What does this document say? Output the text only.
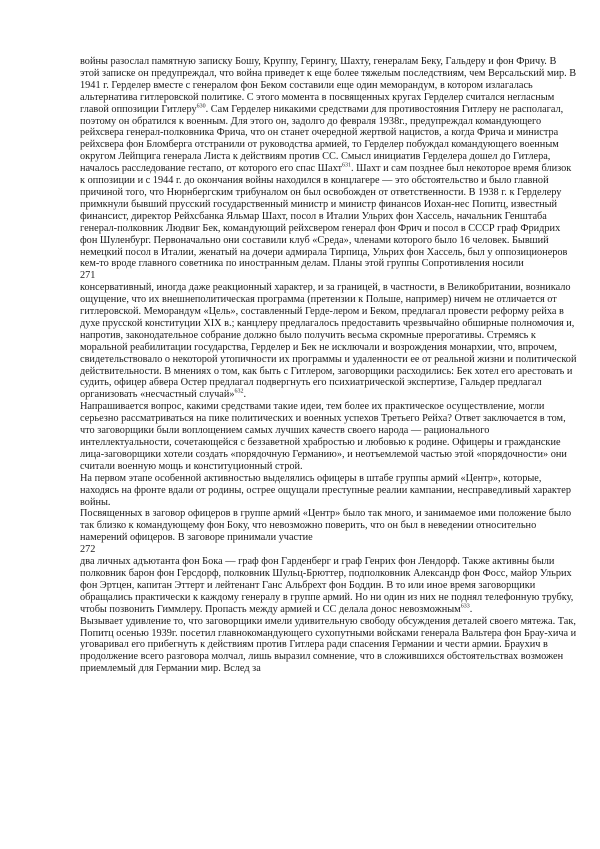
войны разослал памятную записку Бошу, Круппу, Герингу, Шахту, генералам Беку, Гальдеру и фон Фричу. В этой записке он предупреждал, что война приведет к еще более тяжелым последствиям, чем Версальский мир. В 1941 г. Герделер вместе с генералом фон Беком составили еще один меморандум, в котором излагалась альтернатива гитлеровской политике. С этого момента в посвященных кругах Герделер считался негласным главой оппозиции Гитлеру$^{630}$. Сам Герделер никакими средствами для противостояния Гитлеру не располагал, поэтому он обратился к военным. Для этого он, задолго до февраля 1938г., предупреждал командующего рейхсвера генерал-полковника Фрича, что он станет очередной жертвой нацистов, а когда Фрича и министра рейхсвера фон Бломберга отстранили от руководства армией, то Герделер побуждал командующего военным округом Лейпцига генерала Листа к действиям против СС. Смысл инициатив Герделера дошел до Гитлера, началось расследование гестапо, от которого его спас Шахт$^{631}$. Шахт и сам позднее был некоторое время близок к оппозиции и с 1944 г. до окончания войны находился в концлагере — это обстоятельство и было главной причиной того, что Нюрнбергским трибуналом он был освобожден от ответственности. В 1938 г. к Герделеру примкнули бывший прусский государственный министр и министр финансов Иохан-нес Попитц, известный финансист, директор Рейхсбанка Яльмар Шахт, посол в Италии Ульрих фон Хассель, начальник Генштаба генерал-полковник Людвиг Бек, командующий рейхсвером генерал фон Фрич и посол в СССР граф Фридрих фон Шуленбург. Первоначально они составили клуб «Среда», членами которого было 16 человек. Бывший немецкий посол в Италии, женатый на дочери адмирала Тирпица, Ульрих фон Хассель, был у оппозиционеров кем-то вроде главного советника по иностранным делам. Планы этой группы Сопротивления носили

271

консервативный, иногда даже реакционный характер, и за границей, в частности, в Великобритании, возникало ощущение, что их внешнеполитическая программа (претензии к Польше, например) ничем не отличается от гитлеровской. Меморандум «Цель», составленный Герде-лером и Беком, предлагал провести реформу рейха в духе прусской конституции XIX в.; канцлеру предлагалось предоставить чрезвычайно обширные полномочия и, напротив, законодательное собрание должно было получить весьма скромные прерогативы. Стремясь к моральной реабилитации государства, Герделер и Бек не исключали и возрождения монархии, что, впрочем, свидетельствовало о некоторой утопичности их программы и удаленности ее от реальной жизни и политической действительности. В мнениях о том, как быть с Гитлером, заговорщики расходились: Бек хотел его арестовать и судить, офицер абвера Остер предлагал подвергнуть его психиатрической экспертизе, Гальдер предлагал организовать «несчастный случай»$^{632}$.

Напрашивается вопрос, какими средствами такие идеи, тем более их практическое осуществление, могли серьезно рассматриваться на пике политических и военных успехов Третьего Рейха? Ответ заключается в том, что заговорщики были воплощением самых лучших качеств своего народа — рационального интеллектуальности, сочетающейся с беззаветной храбростью и любовью к родине. Офицеры и гражданские лица-заговорщики хотели создать «порядочную Германию», и неотъемлемой частью этой «порядочности» они считали военную мощь и конституционный строй.

На первом этапе особенной активностью выделялись офицеры в штабе группы армий «Центр», которые, находясь на фронте вдали от родины, острее ощущали преступные реалии кампании, несправедливый характер войны.

Посвященных в заговор офицеров в группе армий «Центр» было так много, и занимаемое ими положение было так близко к командующему фон Боку, что невозможно поверить, что он был в неведении относительно намерений офицеров. В заговоре принимали участие

272

два личных адъютанта фон Бока — граф фон Гарденберг и граф Генрих фон Лендорф. Также активны были полковник барон фон Герсдорф, полковник Шульц-Брюттер, подполковник Александр фон Фосс, майор Ульрих фон Эртцен, капитан Эттерт и лейтенант Ганс Альбрехт фон Боддин. В то или иное время заговорщики обращались практически к каждому генералу в группе армий. Но ни один из них не поднял телефонную трубку, чтобы позвонить Гиммлеру. Пропасть между армией и СС делала донос невозможным$^{633}$.

Вызывает удивление то, что заговорщики имели удивительную свободу обсуждения деталей своего мятежа. Так, Попитц осенью 1939г. посетил главнокомандующего сухопутными войсками генерала Вальтера фон Брау-хича и уговаривал его прибегнуть к действиям против Гитлера ради спасения Германии и чести армии. Браухич в продолжение всего разговора молчал, лишь выразил сомнение, что в сложившихся обстоятельствах возможен приемлемый для Германии мир. Вслед за
